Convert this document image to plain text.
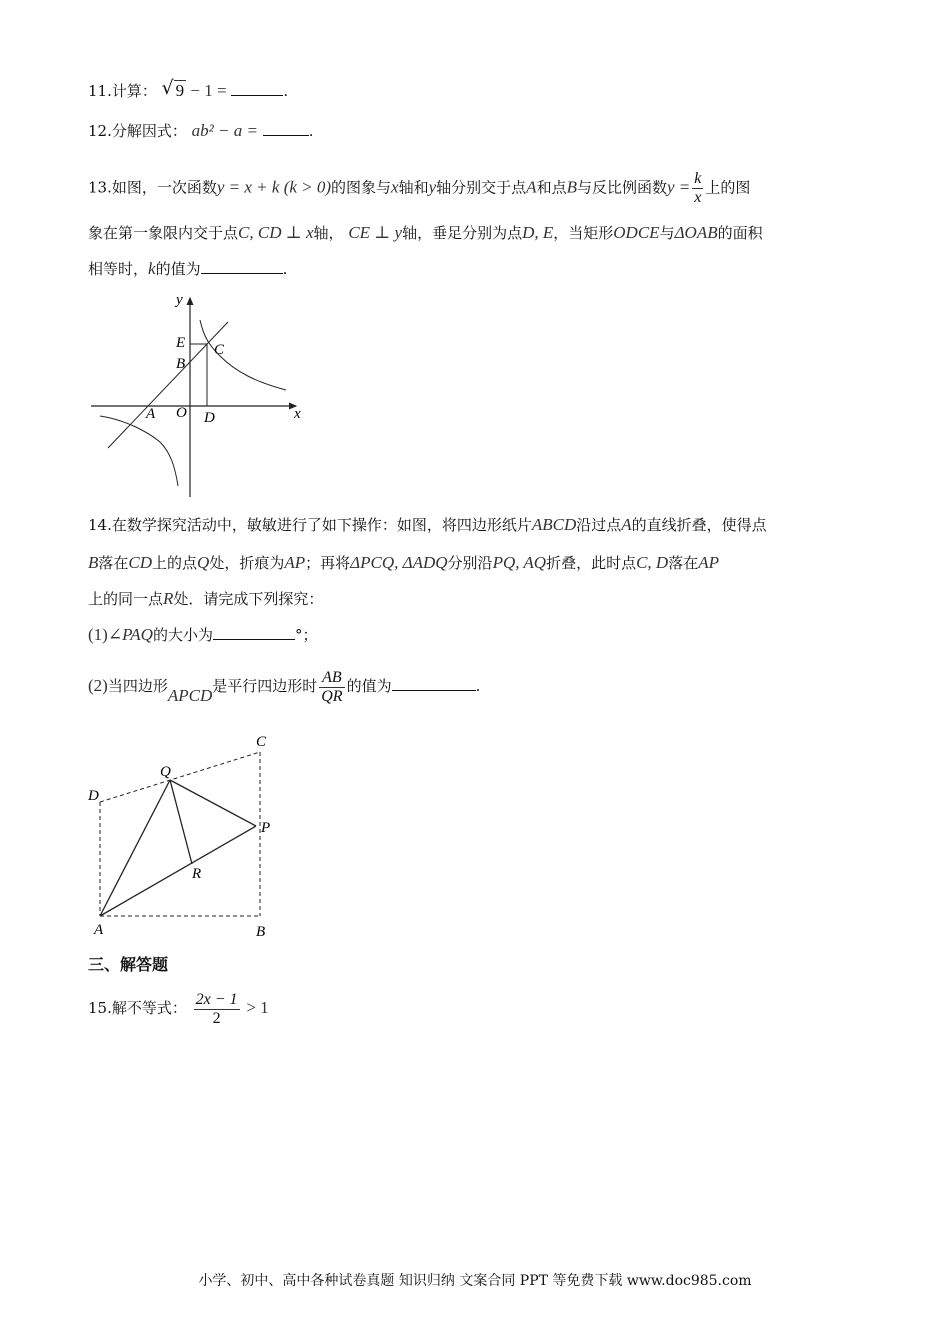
11.计算： √ 9 − 1 =	.
12.分解因式： ab² − a =	.
13.如图，一次函数y = x + k (k > 0)的图象与x轴和y轴分别交于点A和点B与反比例函数$y = \frac{k}{x}$ 上的图
象在第一象限内交于点C, CD ⊥ x轴， CE ⊥ y轴，垂足分别为点D, E，当矩形ODCE与ΔOAB的面积
相等时，k的值为	.
y
E C
B
A O D	x
14.在数学探究活动中，敏敏进行了如下操作：如图，将四边形纸片ABCD沿过点A的直线折叠，使得点
B落在CD上的点Q处，折痕为AP；再将ΔPCQ, ΔADQ分别沿PQ, AQ折叠，此时点C, D落在AP
上的同一点R处．请完成下列探究：
(1)∠PAQ的大小为	°；
(2)当四边形APCD是平行四边形时 $\frac{AB}{QR}$ 的值为	.
C
Q
D
P
R
A	B
三、解答题
15.解不等式： $\frac{2x - 1}{2} > 1$
小学、初中、高中各种试卷真题 知识归纳 文案合同 PPT 等免费下载 www.doc985.com
